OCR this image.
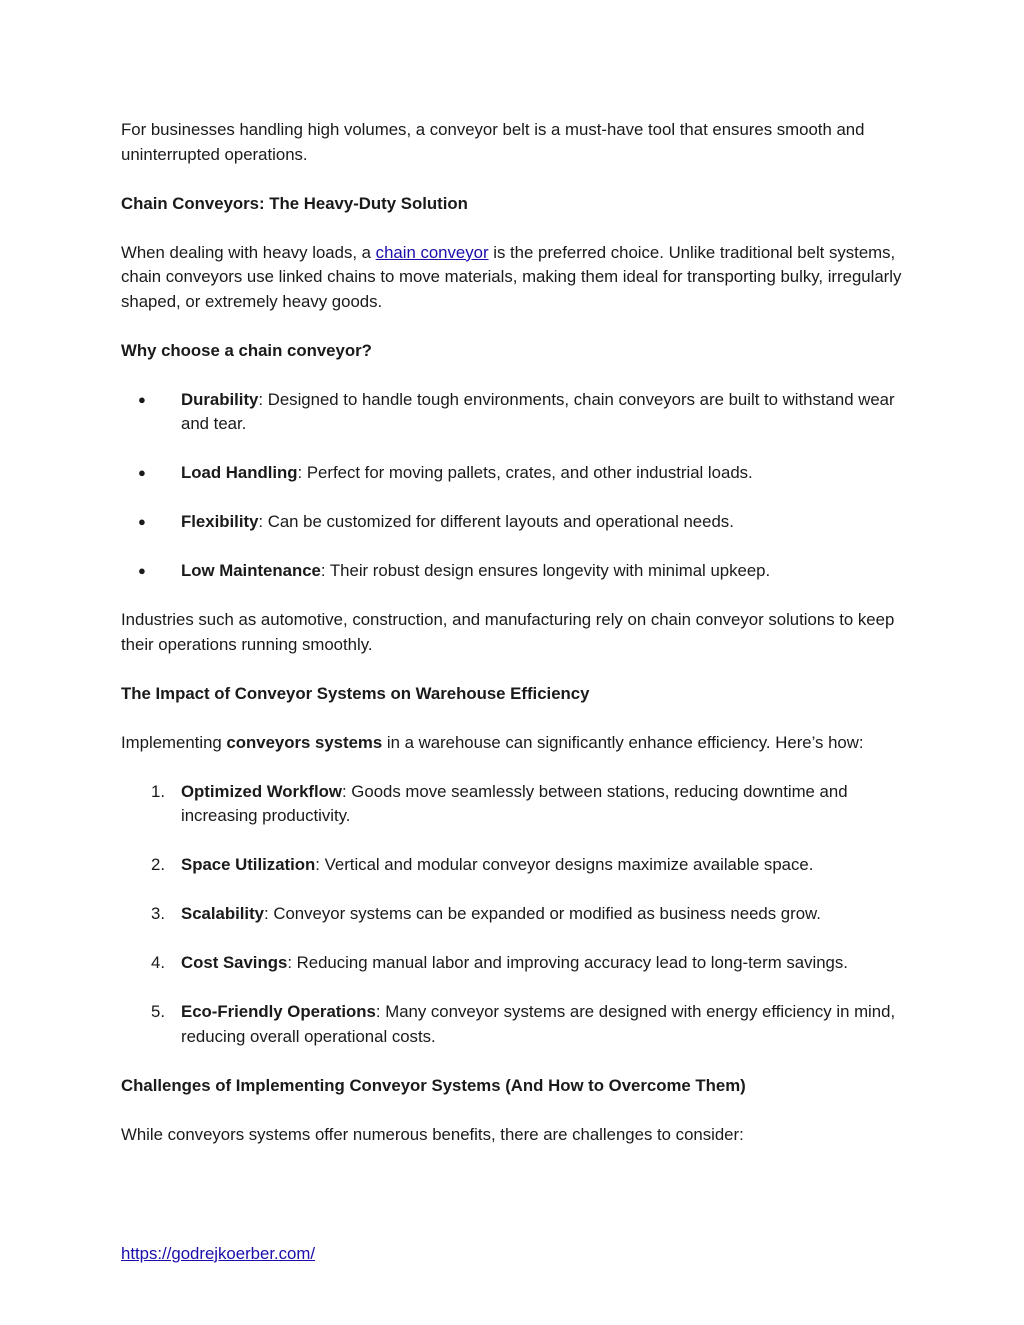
For businesses handling high volumes, a conveyor belt is a must-have tool that ensures smooth and uninterrupted operations.

Chain Conveyors: The Heavy-Duty Solution

When dealing with heavy loads, a chain conveyor is the preferred choice. Unlike traditional belt systems, chain conveyors use linked chains to move materials, making them ideal for transporting bulky, irregularly shaped, or extremely heavy goods.

Why choose a chain conveyor?

● Durability: Designed to handle tough environments, chain conveyors are built to withstand wear and tear.
● Load Handling: Perfect for moving pallets, crates, and other industrial loads.
● Flexibility: Can be customized for different layouts and operational needs.
● Low Maintenance: Their robust design ensures longevity with minimal upkeep.

Industries such as automotive, construction, and manufacturing rely on chain conveyor solutions to keep their operations running smoothly.

The Impact of Conveyor Systems on Warehouse Efficiency

Implementing conveyors systems in a warehouse can significantly enhance efficiency. Here’s how:

1. Optimized Workflow: Goods move seamlessly between stations, reducing downtime and increasing productivity.
2. Space Utilization: Vertical and modular conveyor designs maximize available space.
3. Scalability: Conveyor systems can be expanded or modified as business needs grow.
4. Cost Savings: Reducing manual labor and improving accuracy lead to long-term savings.
5. Eco-Friendly Operations: Many conveyor systems are designed with energy efficiency in mind, reducing overall operational costs.

Challenges of Implementing Conveyor Systems (And How to Overcome Them)

While conveyors systems offer numerous benefits, there are challenges to consider:

https://godrejkoerber.com/
